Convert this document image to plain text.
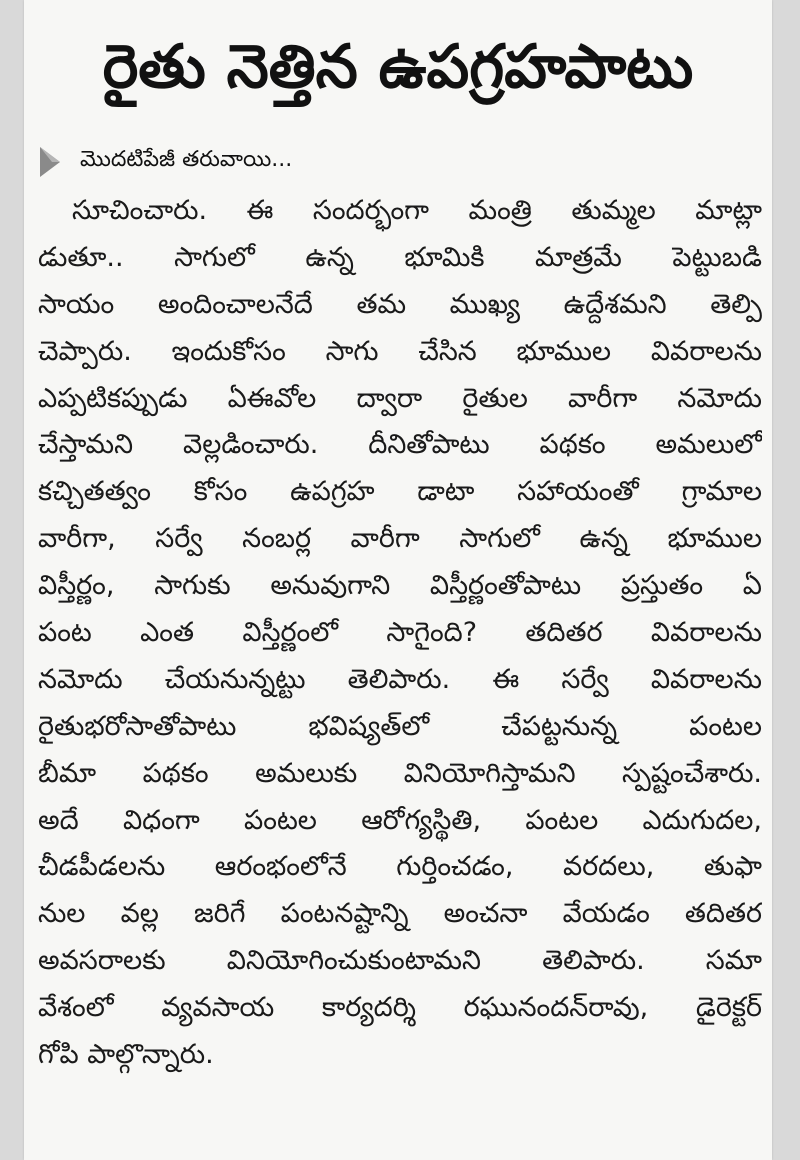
రైతు నెత్తిన ఉపగ్రహపాటు
మొదటిపేజీ తరువాయి...
సూచించారు. ఈ సందర్భంగా మంత్రి తుమ్మల మాట్లా
డుతూ.. సాగులో ఉన్న భూమికి మాత్రమే పెట్టుబడి
సాయం అందించాలనేదే తమ ముఖ్య ఉద్దేశమని తెల్పి
చెప్పారు. ఇందుకోసం సాగు చేసిన భూముల వివరాలను
ఎప్పటికప్పుడు ఏఈవోల ద్వారా రైతుల వారీగా నమోదు
చేస్తామని వెల్లడించారు. దీనితోపాటు పథకం అమలులో
కచ్చితత్వం కోసం ఉపగ్రహ డాటా సహాయంతో గ్రామాల
వారీగా, సర్వే నంబర్ల వారీగా సాగులో ఉన్న భూముల
విస్తీర్ణం, సాగుకు అనువుగాని విస్తీర్ణంతోపాటు ప్రస్తుతం ఏ
పంట ఎంత విస్తీర్ణంలో సాగైంది? తదితర వివరాలను
నమోదు చేయనున్నట్టు తెలిపారు. ఈ సర్వే వివరాలను
రైతుభరోసాతోపాటు భవిష్యత్‌లో చేపట్టనున్న పంటల
బీమా పథకం అమలుకు వినియోగిస్తామని స్పష్టంచేశారు.
అదే విధంగా పంటల ఆరోగ్యస్థితి, పంటల ఎదుగుదల,
చీడపీడలను ఆరంభంలోనే గుర్తించడం, వరదలు, తుఫా
నుల వల్ల జరిగే పంటనష్టాన్ని అంచనా వేయడం తదితర
అవసరాలకు వినియోగించుకుంటామని తెలిపారు. సమా
వేశంలో వ్యవసాయ కార్యదర్శి రఘునందన్‌రావు, డైరెక్టర్
గోపి పాల్గొన్నారు.
